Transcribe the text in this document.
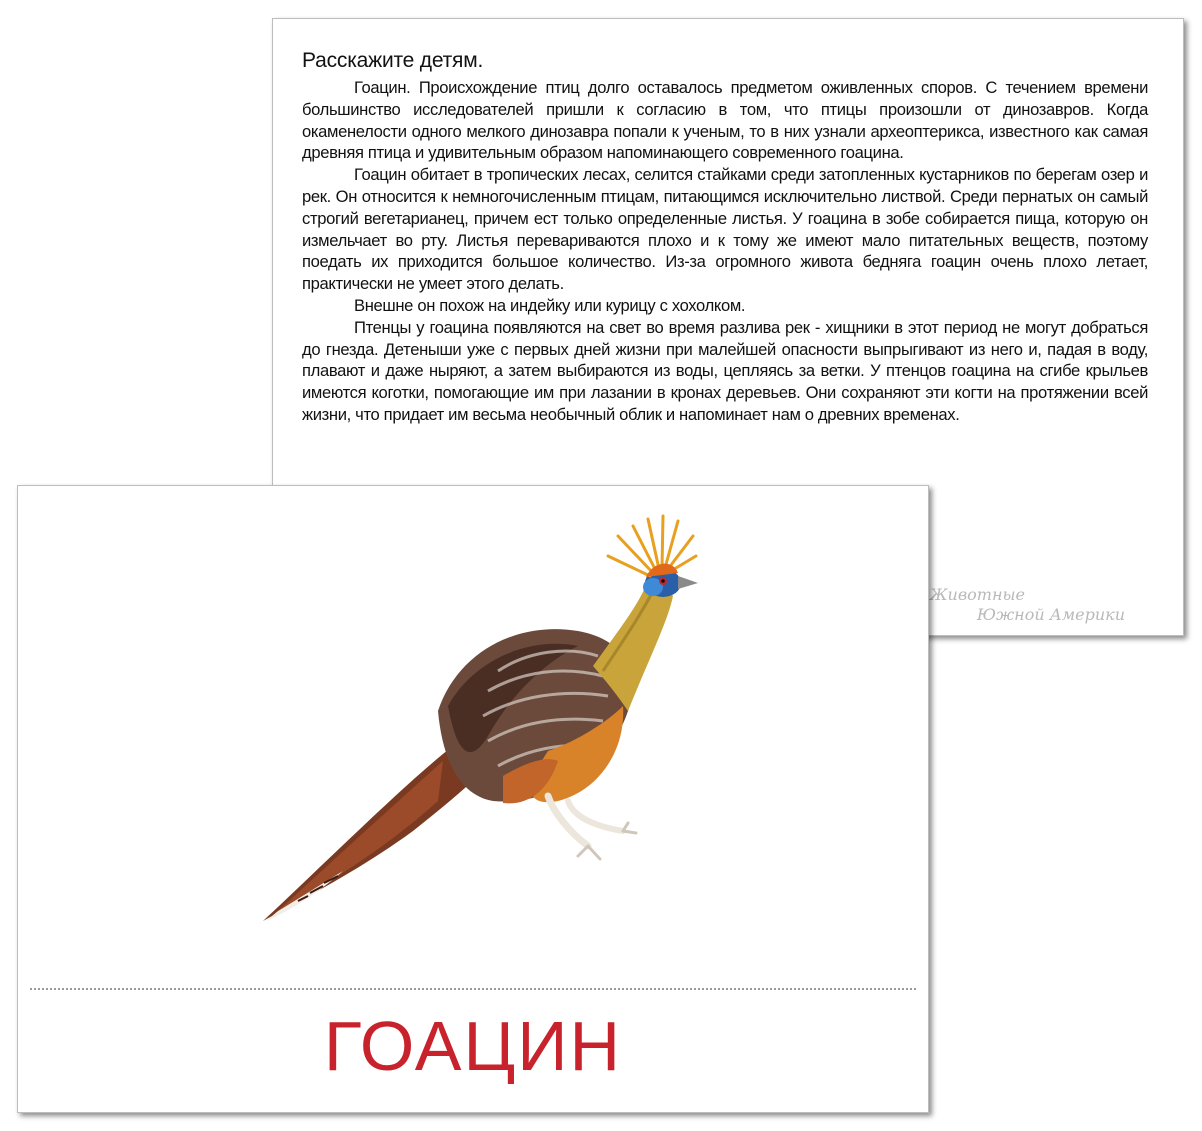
Расскажите детям.

Гоацин. Происхождение птиц долго оставалось предметом оживленных споров. С течением времени большинство исследователей пришли к согласию в том, что птицы произошли от динозавров. Когда окаменелости одного мелкого динозавра попали к ученым, то в них узнали археоптерикса, известного как самая древняя птица и удивительным образом напоминающего современного гоацина.

Гоацин обитает в тропических лесах, селится стайками среди затопленных кустарников по берегам озер и рек. Он относится к немногочисленным птицам, питающимся исключительно листвой. Среди пернатых он самый строгий вегетарианец, причем ест только определенные листья. У гоацина в зобе собирается пища, которую он измельчает во рту. Листья перевариваются плохо и к тому же имеют мало питательных веществ, поэтому поедать их приходится большое количество. Из-за огромного живота бедняга гоацин очень плохо летает, практически не умеет этого делать.

Внешне он похож на индейку или курицу с хохолком.

Птенцы у гоацина появляются на свет во время разлива рек - хищники в этот период не могут добраться до гнезда. Детеныши уже с первых дней жизни при малейшей опасности выпрыгивают из него и, падая в воду, плавают и даже ныряют, а затем выбираются из воды, цепляясь за ветки. У птенцов гоацина на сгибе крыльев имеются коготки, помогающие им при лазании в кронах деревьев. Они сохраняют эти когти на протяжении всей жизни, что придает им весьма необычный облик и напоминает нам о древних временах.

Животные
Южной Америки
ГОАЦИН
